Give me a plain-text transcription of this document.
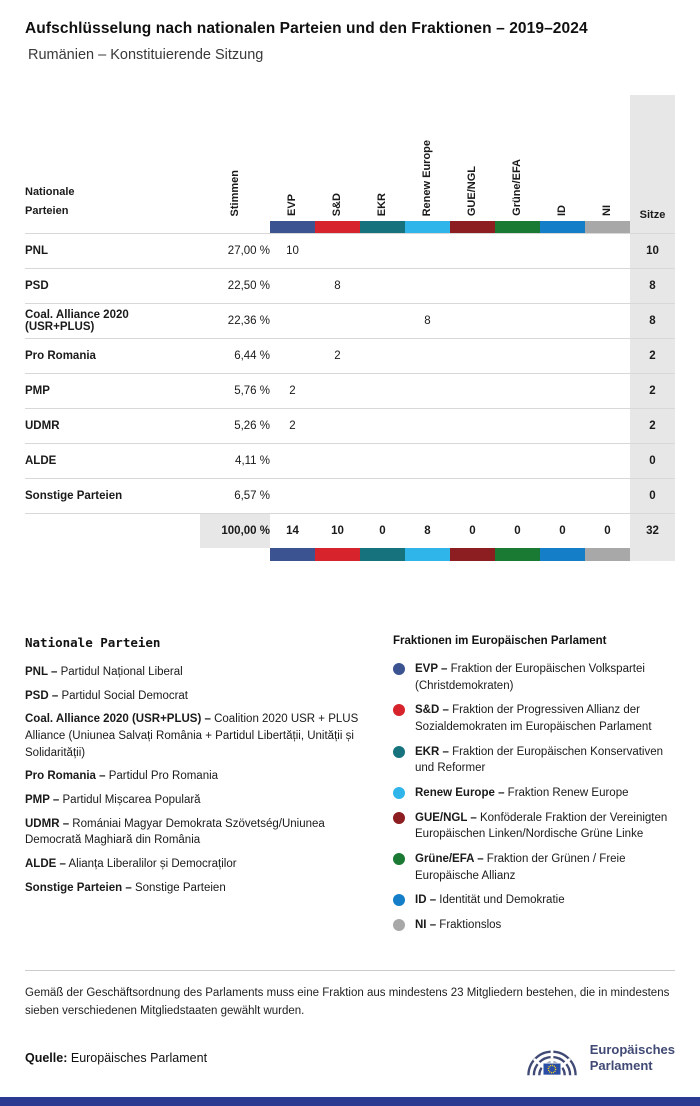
Aufschlüsselung nach nationalen Parteien und den Fraktionen – 2019–2024
Rumänien – Konstituierende Sitzung
Nationale Parteien	Stimmen	EVP	S&D	EKR	Renew Europe	GUE/NGL	Grüne/EFA	ID	NI	Sitze

PNL	27,00 %	10								10
PSD	22,50 %		8							8
Coal. Alliance 2020 (USR+PLUS)	22,36 %				8					8
Pro Romania	6,44 %		2							2
PMP	5,76 %	2								2
UDMR	5,26 %	2								2
ALDE	4,11 %									0
Sonstige Parteien	6,57 %									0
	100,00 %	14	10	0	8	0	0	0	0	32

Nationale Parteien
PNL – Partidul Național Liberal
PSD – Partidul Social Democrat
Coal. Alliance 2020 (USR+PLUS) – Coalition 2020 USR + PLUS Alliance (Uniunea Salvați România + Partidul Libertății, Unității și Solidarității)
Pro Romania – Partidul Pro Romania
PMP – Partidul Mișcarea Populară
UDMR – Romániai Magyar Demokrata Szövetség/Uniunea Democrată Maghiară din România
ALDE – Alianța Liberalilor și Democraților
Sonstige Parteien – Sonstige Parteien
Fraktionen im Europäischen Parlament
EVP – Fraktion der Europäischen Volkspartei (Christdemokraten)
S&D – Fraktion der Progressiven Allianz der Sozialdemokraten im Europäischen Parlament
EKR – Fraktion der Europäischen Konservativen und Reformer
Renew Europe – Fraktion Renew Europe
GUE/NGL – Konföderale Fraktion der Vereinigten Europäischen Linken/Nordische Grüne Linke
Grüne/EFA – Fraktion der Grünen / Freie Europäische Allianz
ID – Identität und Demokratie
NI – Fraktionslos
Gemäß der Geschäftsordnung des Parlaments muss eine Fraktion aus mindestens 23 Mitgliedern bestehen, die in mindestens sieben verschiedenen Mitgliedstaaten gewählt wurden.
Quelle: Europäisches Parlament
Europäisches
Parlament
